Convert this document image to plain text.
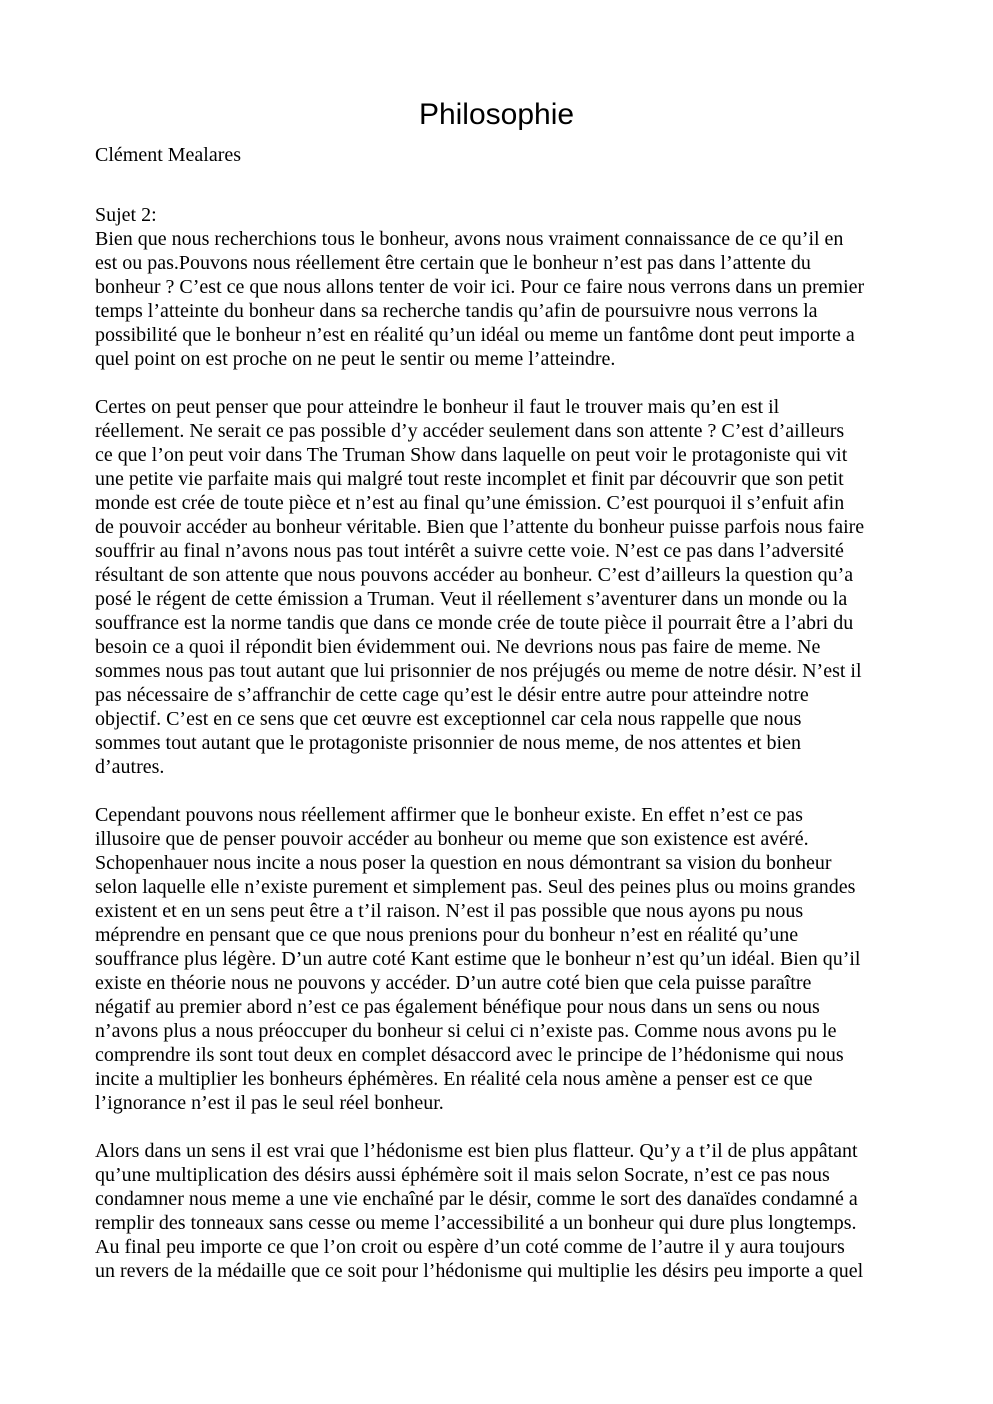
Philosophie
Clément Mealares
Sujet 2:
Bien que nous recherchions tous le bonheur, avons nous vraiment connaissance de ce qu’il en
est ou pas.Pouvons nous réellement être certain que le bonheur n’est pas dans l’attente du
bonheur ? C’est ce que nous allons tenter de voir ici. Pour ce faire nous verrons dans un premier
temps l’atteinte du bonheur dans sa recherche tandis qu’afin de poursuivre nous verrons la
possibilité que le bonheur n’est en réalité qu’un idéal ou meme un fantôme dont peut importe a
quel point on est proche on ne peut le sentir ou meme l’atteindre.
Certes on peut penser que pour atteindre le bonheur il faut le trouver mais qu’en est il
réellement. Ne serait ce pas possible d’y accéder seulement dans son attente ? C’est d’ailleurs
ce que l’on peut voir dans The Truman Show dans laquelle on peut voir le protagoniste qui vit
une petite vie parfaite mais qui malgré tout reste incomplet et finit par découvrir que son petit
monde est crée de toute pièce et n’est au final qu’une émission. C’est pourquoi il s’enfuit afin
de pouvoir accéder au bonheur véritable. Bien que l’attente du bonheur puisse parfois nous faire
souffrir au final n’avons nous pas tout intérêt a suivre cette voie. N’est ce pas dans l’adversité
résultant de son attente que nous pouvons accéder au bonheur. C’est d’ailleurs la question qu’a
posé le régent de cette émission a Truman. Veut il réellement s’aventurer dans un monde ou la
souffrance est la norme tandis que dans ce monde crée de toute pièce il pourrait être a l’abri du
besoin ce a quoi il répondit bien évidemment oui. Ne devrions nous pas faire de meme. Ne
sommes nous pas tout autant que lui prisonnier de nos préjugés ou meme de notre désir. N’est il
pas nécessaire de s’affranchir de cette cage qu’est le désir entre autre pour atteindre notre
objectif. C’est en ce sens que cet œuvre est exceptionnel car cela nous rappelle que nous
sommes tout autant que le protagoniste prisonnier de nous meme, de nos attentes et bien
d’autres.
Cependant pouvons nous réellement affirmer que le bonheur existe. En effet n’est ce pas
illusoire que de penser pouvoir accéder au bonheur ou meme que son existence est avéré.
Schopenhauer nous incite a nous poser la question en nous démontrant sa vision du bonheur
selon laquelle elle n’existe purement et simplement pas. Seul des peines plus ou moins grandes
existent et en un sens peut être a t’il raison. N’est il pas possible que nous ayons pu nous
méprendre en pensant que ce que nous prenions pour du bonheur n’est en réalité qu’une
souffrance plus légère. D’un autre coté Kant estime que le bonheur n’est qu’un idéal. Bien qu’il
existe en théorie nous ne pouvons y accéder. D’un autre coté bien que cela puisse paraître
négatif au premier abord n’est ce pas également bénéfique pour nous dans un sens ou nous
n’avons plus a nous préoccuper du bonheur si celui ci n’existe pas. Comme nous avons pu le
comprendre ils sont tout deux en complet désaccord avec le principe de l’hédonisme qui nous
incite a multiplier les bonheurs éphémères. En réalité cela nous amène a penser est ce que
l’ignorance n’est il pas le seul réel bonheur.
Alors dans un sens il est vrai que l’hédonisme est bien plus flatteur. Qu’y a t’il de plus appâtant
qu’une multiplication des désirs aussi éphémère soit il mais selon Socrate, n’est ce pas nous
condamner nous meme a une vie enchaîné par le désir, comme le sort des danaïdes condamné a
remplir des tonneaux sans cesse ou meme l’accessibilité a un bonheur qui dure plus longtemps.
Au final peu importe ce que l’on croit ou espère d’un coté comme de l’autre il y aura toujours
un revers de la médaille que ce soit pour l’hédonisme qui multiplie les désirs peu importe a quel
